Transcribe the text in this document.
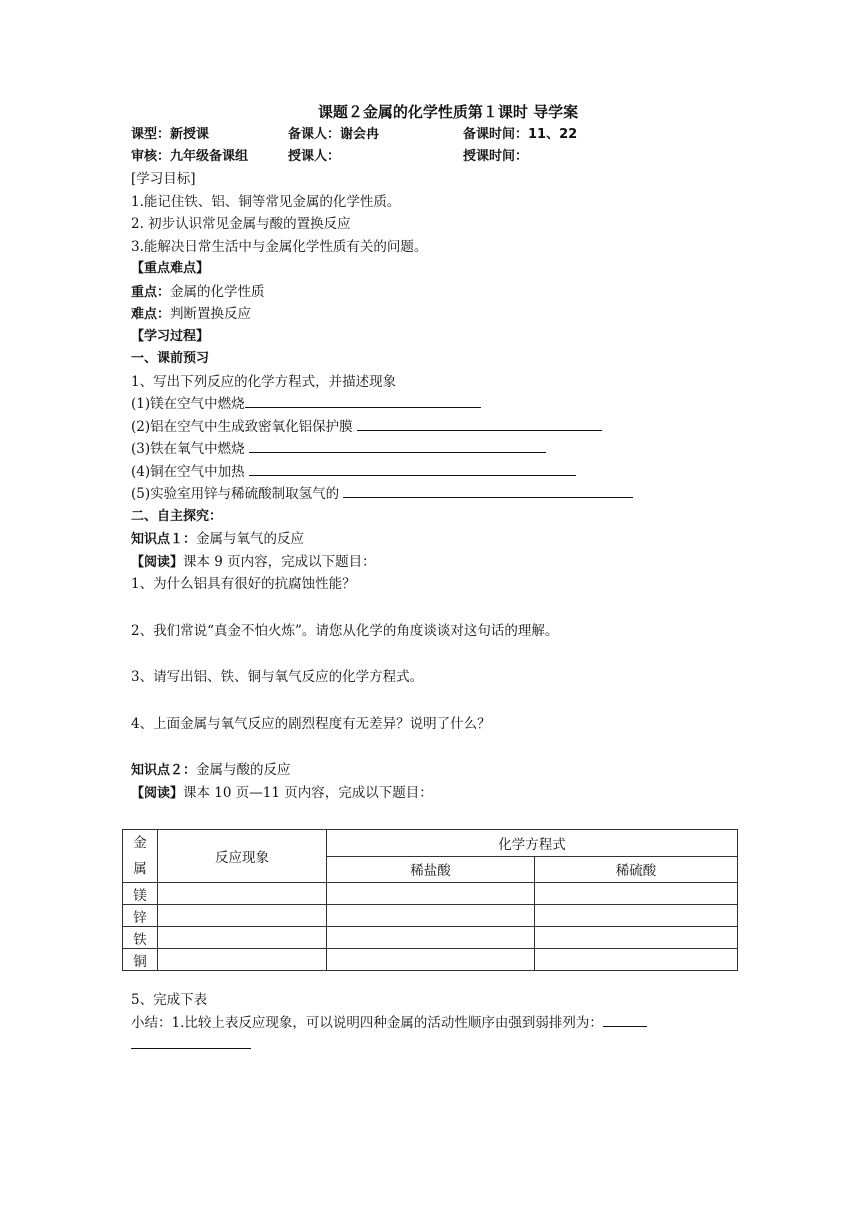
课题２金属的化学性质第１课时 导学案
课型：新授课	备课人：谢会冉	备课时间：11、22
审核：九年级备课组	授课人：	授课时间：
[学习目标]
1.能记住铁、铝、铜等常见金属的化学性质。
2. 初步认识常见金属与酸的置换反应
3.能解决日常生活中与金属化学性质有关的问题。
【重点难点】
重点：金属的化学性质
难点：判断置换反应
【学习过程】
一、课前预习
1、写出下列反应的化学方程式，并描述现象
(1)镁在空气中燃烧
(2)铝在空气中生成致密氧化铝保护膜
(3)铁在氧气中燃烧
(4)铜在空气中加热
(5)实验室用锌与稀硫酸制取氢气的
二、自主探究：
知识点１：金属与氧气的反应
【阅读】课本 9 页内容，完成以下题目：
1、为什么铝具有很好的抗腐蚀性能？
2、我们常说“真金不怕火炼”。请您从化学的角度谈谈对这句话的理解。
3、请写出铝、铁、铜与氧气反应的化学方程式。
4、上面金属与氧气反应的剧烈程度有无差异？说明了什么？
知识点２：金属与酸的反应
【阅读】课本 10 页—11 页内容，完成以下题目：
金
属	反应现象	化学方程式	
		稀盐酸	稀硫酸
镁			
锌			
铁			
铜			
5、完成下表
小结：1.比较上表反应现象，可以说明四种金属的活动性顺序由强到弱排列为：
